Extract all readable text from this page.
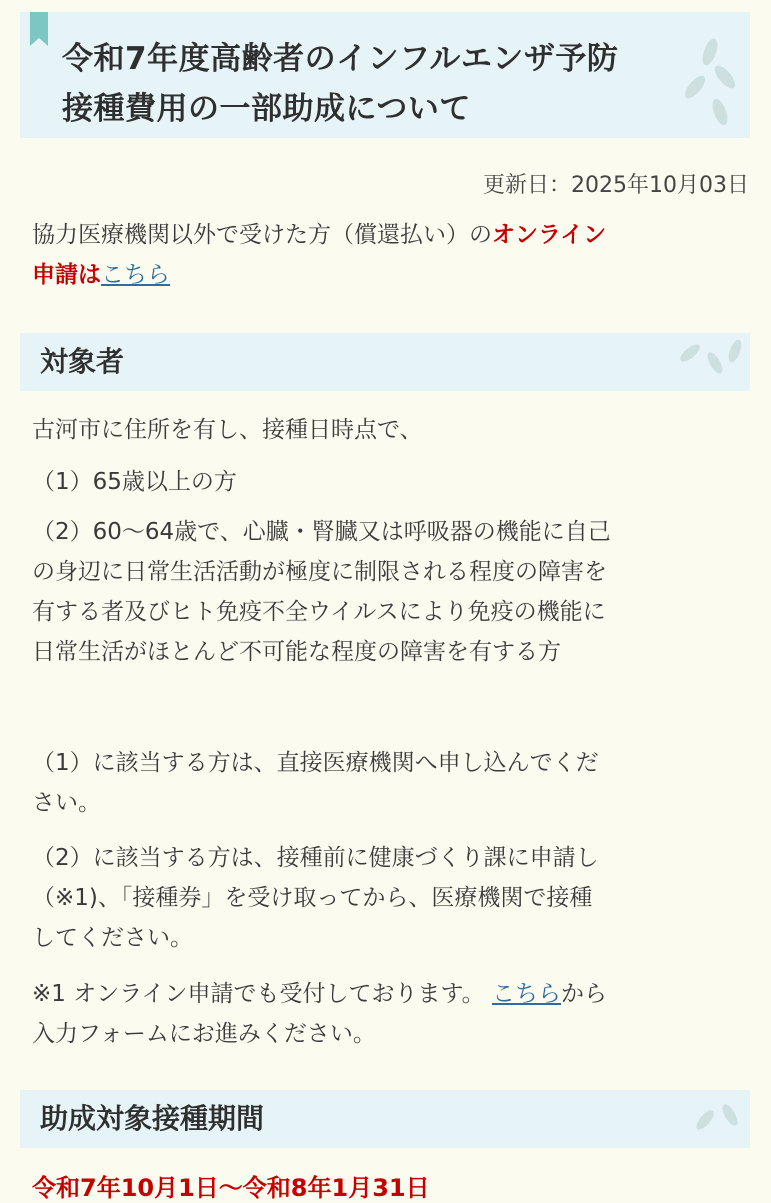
令和7年度高齢者のインフルエンザ予防
接種費用の一部助成について
更新日：2025年10月03日

協力医療機関以外で受けた方（償還払い）のオンライン
申請はこちら

対象者

古河市に住所を有し、接種日時点で、

（1）65歳以上の方

（2）60〜64歳で、心臓・腎臓又は呼吸器の機能に自己
の身辺に日常生活活動が極度に制限される程度の障害を
有する者及びヒト免疫不全ウイルスにより免疫の機能に
日常生活がほとんど不可能な程度の障害を有する方

（1）に該当する方は、直接医療機関へ申し込んでくだ
さい。

（2）に該当する方は、接種前に健康づくり課に申請し
（※1)、「接種券」を受け取ってから、医療機関で接種
してください。

※1 オンライン申請でも受付しております。 こちらから
入力フォームにお進みください。

助成対象接種期間

令和7年10月1日〜令和8年1月31日
